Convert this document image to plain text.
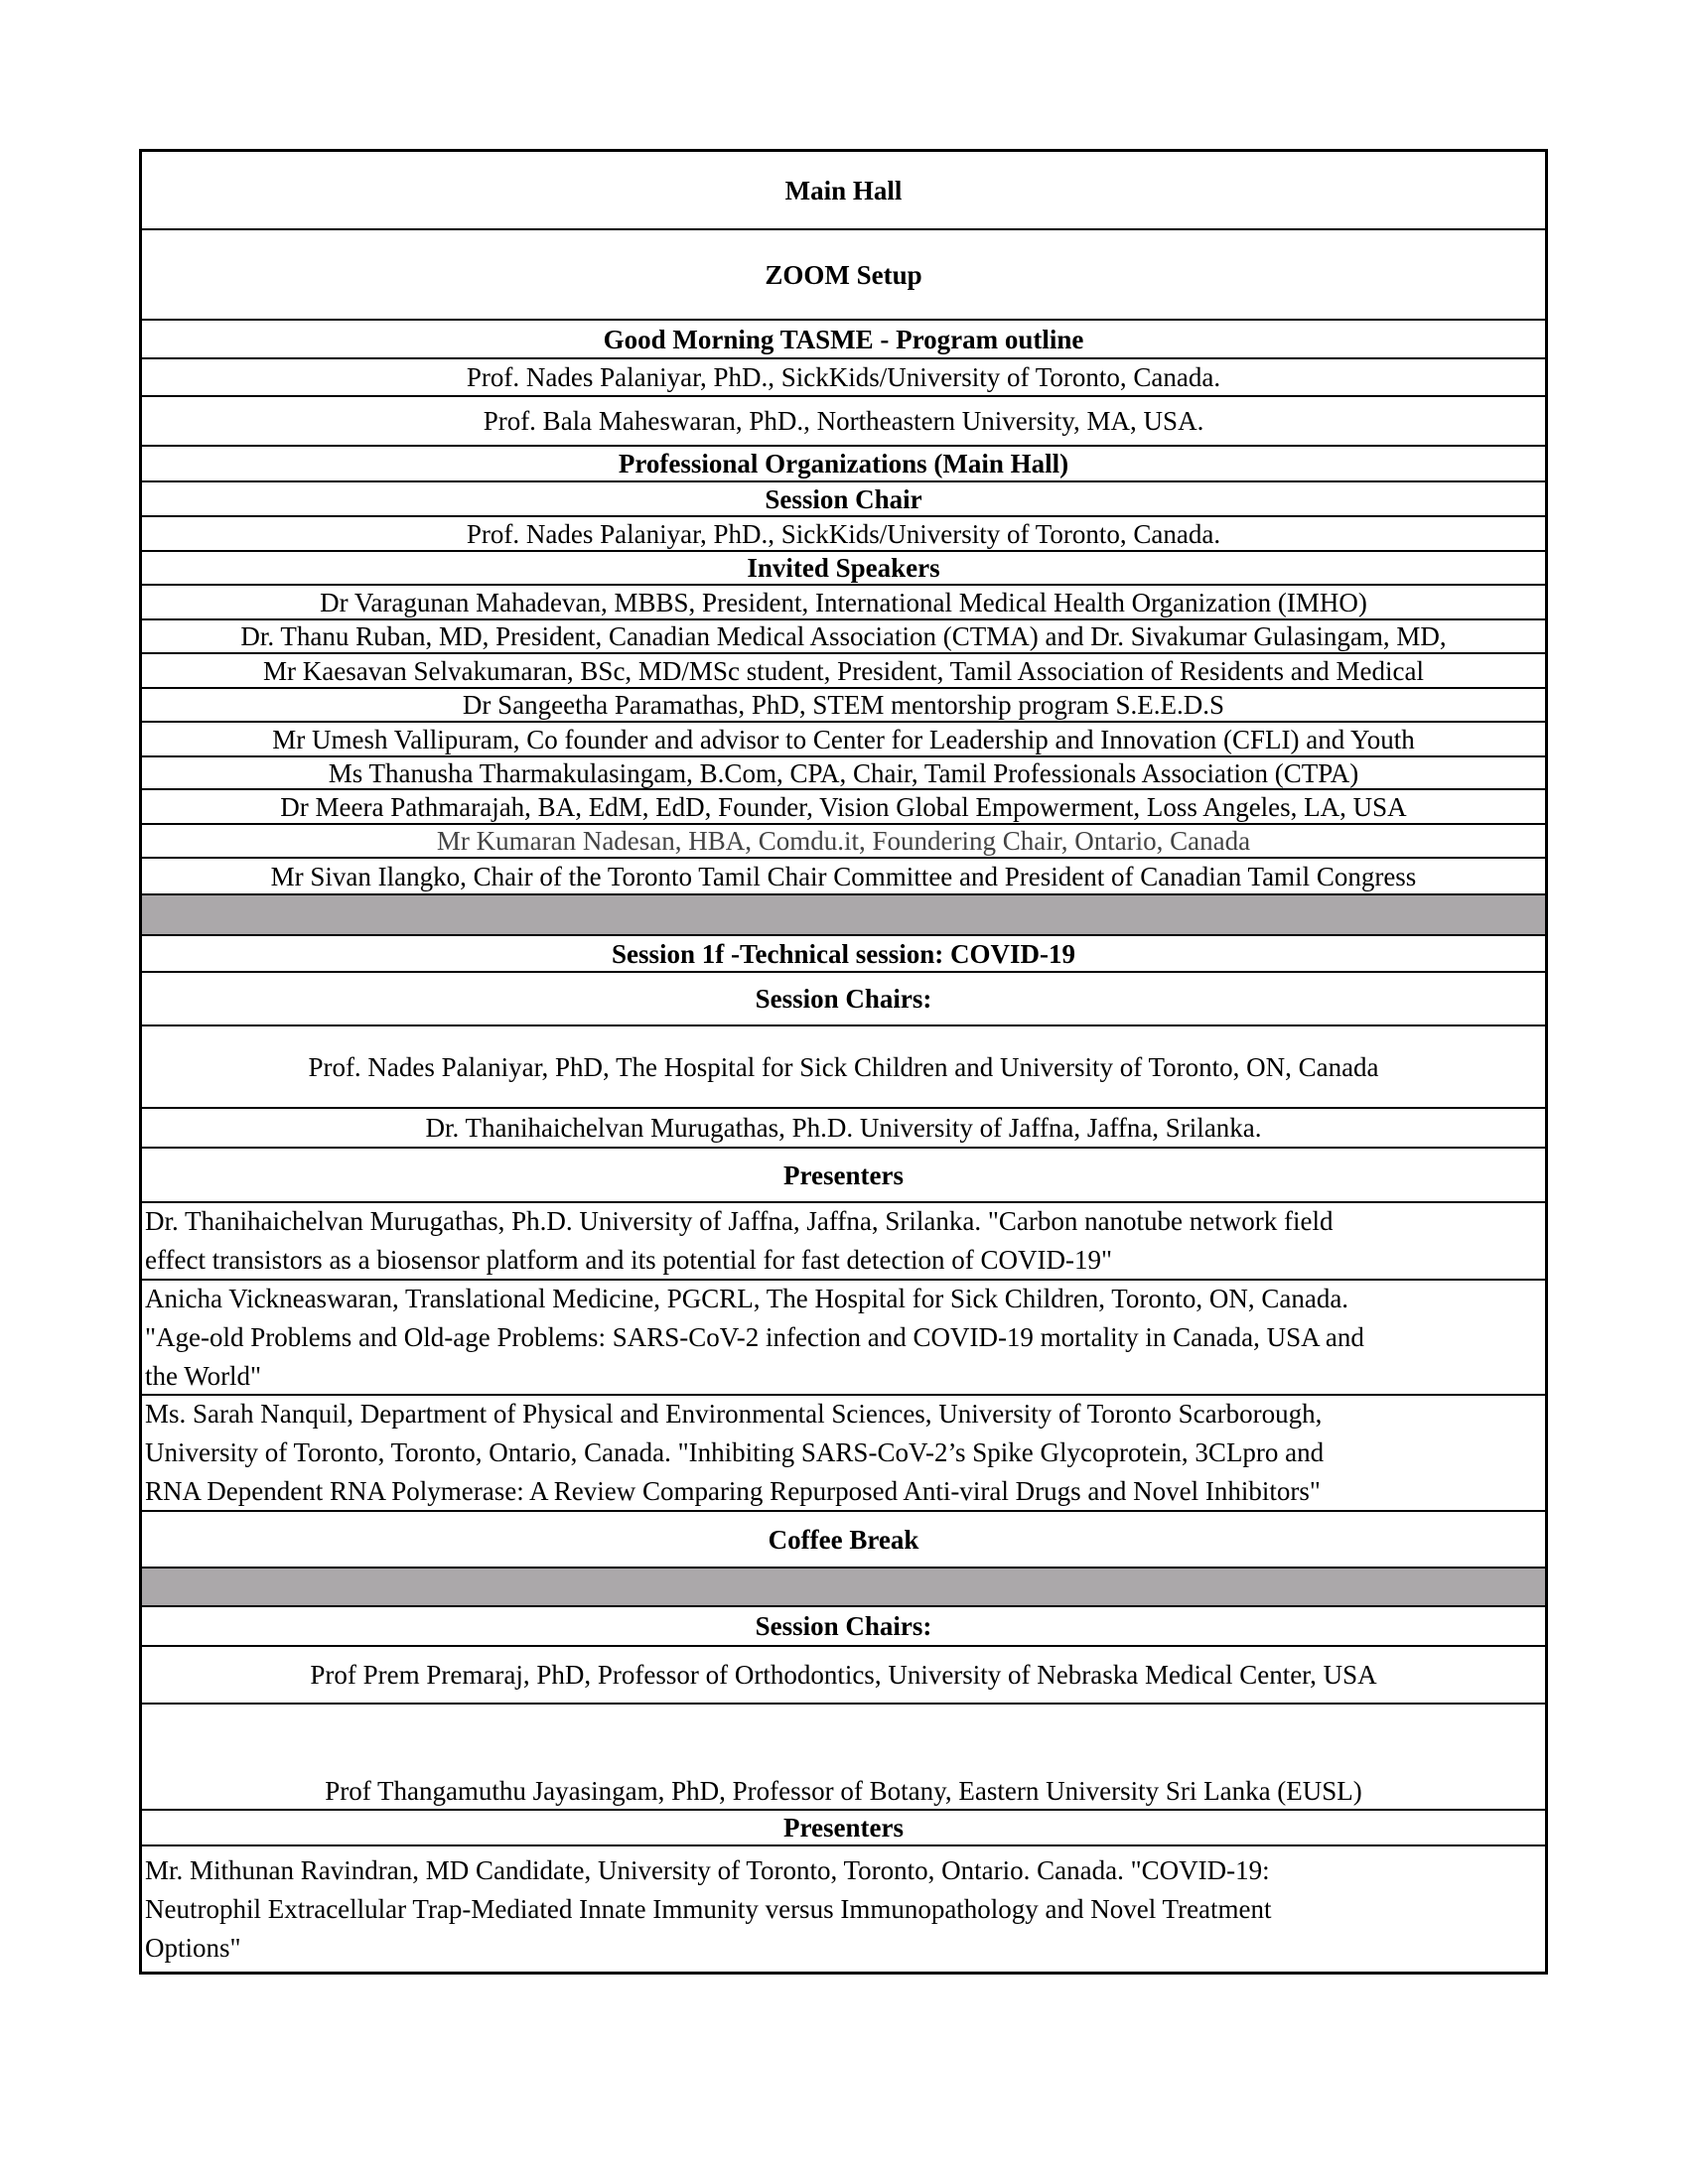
Main Hall
ZOOM Setup
Good Morning TASME - Program outline
Prof. Nades Palaniyar, PhD., SickKids/University of Toronto, Canada.
Prof. Bala Maheswaran, PhD., Northeastern University, MA, USA.
Professional Organizations (Main Hall)
Session Chair
Prof. Nades Palaniyar, PhD., SickKids/University of Toronto, Canada.
Invited Speakers
Dr Varagunan Mahadevan, MBBS, President, International Medical Health Organization (IMHO)
Dr. Thanu Ruban, MD, President, Canadian Medical Association (CTMA) and Dr. Sivakumar Gulasingam, MD,
Mr Kaesavan Selvakumaran, BSc, MD/MSc student, President, Tamil Association of Residents and Medical
Dr Sangeetha Paramathas, PhD, STEM mentorship program S.E.E.D.S
Mr Umesh Vallipuram, Co founder and advisor to Center for Leadership and Innovation (CFLI) and Youth
Ms Thanusha Tharmakulasingam, B.Com, CPA, Chair, Tamil Professionals Association (CTPA)
Dr Meera Pathmarajah, BA, EdM, EdD, Founder, Vision Global Empowerment, Loss Angeles, LA, USA
Mr Kumaran Nadesan, HBA, Comdu.it, Foundering Chair, Ontario, Canada
Mr Sivan Ilangko, Chair of the Toronto Tamil Chair Committee and President of Canadian Tamil Congress
Session 1f -Technical session: COVID-19
Session Chairs:
Prof. Nades Palaniyar, PhD, The Hospital for Sick Children and University of Toronto, ON, Canada
Dr. Thanihaichelvan Murugathas, Ph.D. University of Jaffna, Jaffna, Srilanka.
Presenters
Dr. Thanihaichelvan Murugathas, Ph.D. University of Jaffna, Jaffna, Srilanka. "Carbon nanotube network field
effect transistors as a biosensor platform and its potential for fast detection of COVID-19"
Anicha Vickneaswaran, Translational Medicine, PGCRL, The Hospital for Sick Children, Toronto, ON, Canada.
"Age-old Problems and Old-age Problems: SARS-CoV-2 infection and COVID-19 mortality in Canada, USA and
the World"
Ms. Sarah Nanquil, Department of Physical and Environmental Sciences, University of Toronto Scarborough,
University of Toronto, Toronto, Ontario, Canada. "Inhibiting SARS-CoV-2’s Spike Glycoprotein, 3CLpro and
RNA Dependent RNA Polymerase: A Review Comparing Repurposed Anti-viral Drugs and Novel Inhibitors"
Coffee Break
Session Chairs:
Prof Prem Premaraj, PhD, Professor of Orthodontics, University of Nebraska Medical Center, USA
Prof Thangamuthu Jayasingam, PhD, Professor of Botany, Eastern University Sri Lanka (EUSL)
Presenters
Mr. Mithunan Ravindran, MD Candidate, University of Toronto, Toronto, Ontario. Canada. "COVID-19:
Neutrophil Extracellular Trap-Mediated Innate Immunity versus Immunopathology and Novel Treatment
Options"
